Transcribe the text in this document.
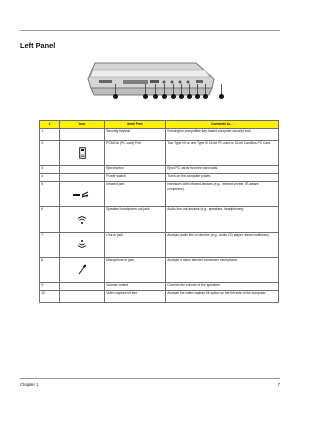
Left Panel
#	Icon	Item/ Port	Connects to...
1		Security keylock	Kensington-compatible key-based computer security lock.
2		PCMCIA (PC card) Port	Two Type I/II or one Type III 16-bit PC card or 32-bit CardBus PC Card.
3		Eject button	Eject PC cards from the card slots.
4		Power switch	Turns on the computer power.
5		Infrared port	Interfaces with infrared devices (e.g., infrared printer, IR-aware computers).
6		Speaker/ headphone-out jack	Audio line-out devices (e.g., speakers, headphones).
7		Line-in jack	Accepts audio line-in devices (e.g., audio CD player, stereo walkman).
8		Microphone-in jack	Accepts a mono electret condenser microphone.
9		Volume control	Controls the volume of the speakers.
10		Video capture kit slot	Accepts the video capture kit option on the left side of the computer.
Chapter 1	7
